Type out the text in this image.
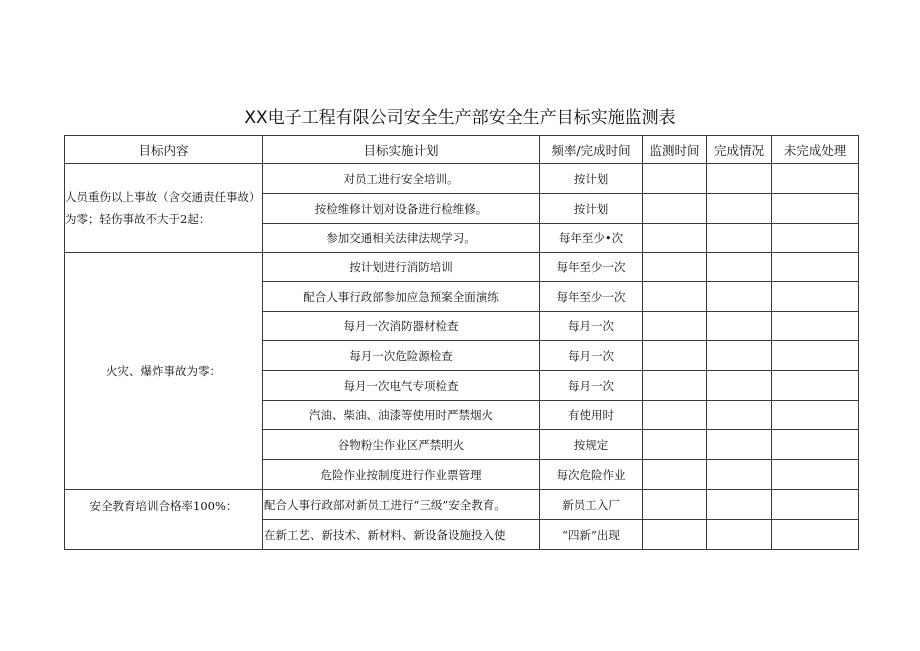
XX电子工程有限公司安全生产部安全生产目标实施监测表
目标内容	目标实施计划	频率/完成时间	监测时间	完成情况	未完成处理
人员重伤以上事故（含交通责任事故）为零；轻伤事故不大于2起：	对员工进行安全培训。	按计划			
	按检维修计划对设备进行检维修。	按计划			
	参加交通相关法律法规学习。	每年至少•次			
火灾、爆炸事故为零：	按计划进行消防培训	每年至少一次			
	配合人事行政部参加应急预案全面演练	每年至少一次			
	每月一次消防器材检查	每月一次			
	每月一次危险源检查	每月一次			
	每月一次电气专项检查	每月一次			
	汽油、柴油、油漆等使用时严禁烟火	有使用时			
	谷物粉尘作业区严禁明火	按规定			
	危险作业按制度进行作业票管理	每次危险作业			
安全教育培训合格率100%：	配合人事行政部对新员工进行“三级”安全教育。	新员工入厂			
	在新工艺、新技术、新材料、新设备设施投入使	“四新”出现			
